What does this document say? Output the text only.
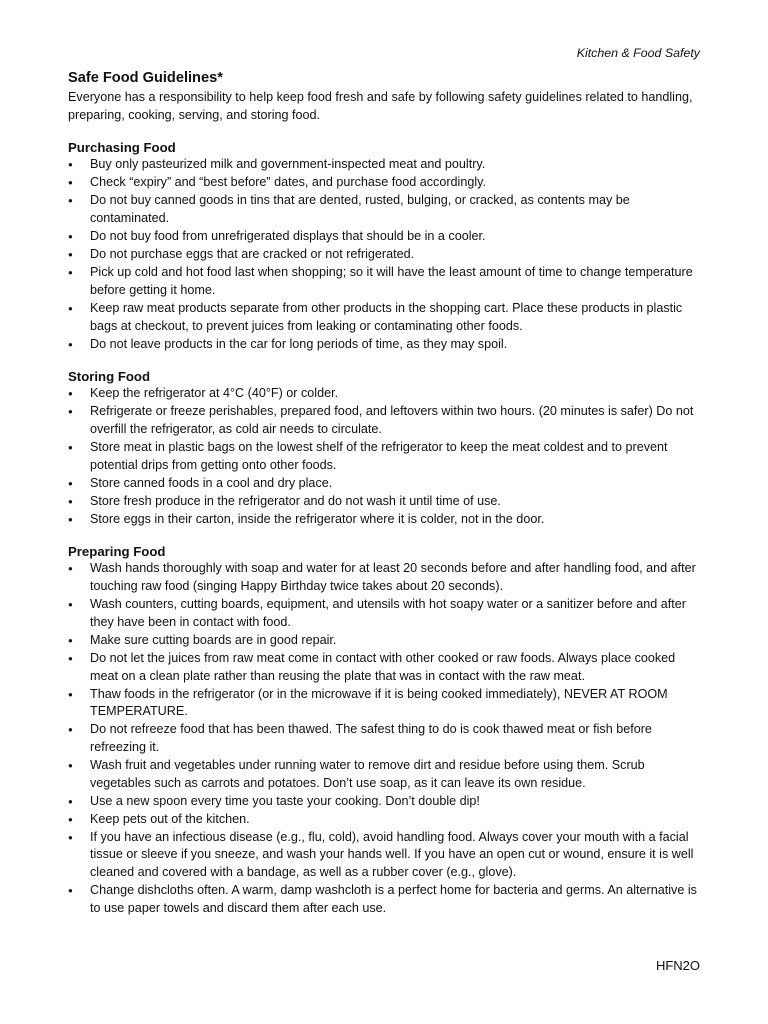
Kitchen & Food Safety
Safe Food Guidelines*

Everyone has a responsibility to help keep food fresh and safe by following safety guidelines related to handling, preparing, cooking, serving, and storing food.

Purchasing Food
● Buy only pasteurized milk and government-inspected meat and poultry.
● Check “expiry” and “best before” dates, and purchase food accordingly.
● Do not buy canned goods in tins that are dented, rusted, bulging, or cracked, as contents may be contaminated.
● Do not buy food from unrefrigerated displays that should be in a cooler.
● Do not purchase eggs that are cracked or not refrigerated.
● Pick up cold and hot food last when shopping; so it will have the least amount of time to change temperature before getting it home.
● Keep raw meat products separate from other products in the shopping cart. Place these products in plastic bags at checkout, to prevent juices from leaking or contaminating other foods.
● Do not leave products in the car for long periods of time, as they may spoil.
Storing Food
● Keep the refrigerator at 4°C (40°F) or colder.
● Refrigerate or freeze perishables, prepared food, and leftovers within two hours. (20 minutes is safer) Do not overfill the refrigerator, as cold air needs to circulate.
● Store meat in plastic bags on the lowest shelf of the refrigerator to keep the meat coldest and to prevent potential drips from getting onto other foods.
● Store canned foods in a cool and dry place.
● Store fresh produce in the refrigerator and do not wash it until time of use.
● Store eggs in their carton, inside the refrigerator where it is colder, not in the door.
Preparing Food
● Wash hands thoroughly with soap and water for at least 20 seconds before and after handling food, and after touching raw food (singing Happy Birthday twice takes about 20 seconds).
● Wash counters, cutting boards, equipment, and utensils with hot soapy water or a sanitizer before and after they have been in contact with food.
● Make sure cutting boards are in good repair.
● Do not let the juices from raw meat come in contact with other cooked or raw foods. Always place cooked meat on a clean plate rather than reusing the plate that was in contact with the raw meat.
● Thaw foods in the refrigerator (or in the microwave if it is being cooked immediately), NEVER AT ROOM TEMPERATURE.
● Do not refreeze food that has been thawed. The safest thing to do is cook thawed meat or fish before refreezing it.
● Wash fruit and vegetables under running water to remove dirt and residue before using them. Scrub vegetables such as carrots and potatoes. Don’t use soap, as it can leave its own residue.
● Use a new spoon every time you taste your cooking. Don’t double dip!
● Keep pets out of the kitchen.
● If you have an infectious disease (e.g., flu, cold), avoid handling food. Always cover your mouth with a facial tissue or sleeve if you sneeze, and wash your hands well. If you have an open cut or wound, ensure it is well cleaned and covered with a bandage, as well as a rubber cover (e.g., glove).
● Change dishcloths often. A warm, damp washcloth is a perfect home for bacteria and germs. An alternative is to use paper towels and discard them after each use.
HFN2O
